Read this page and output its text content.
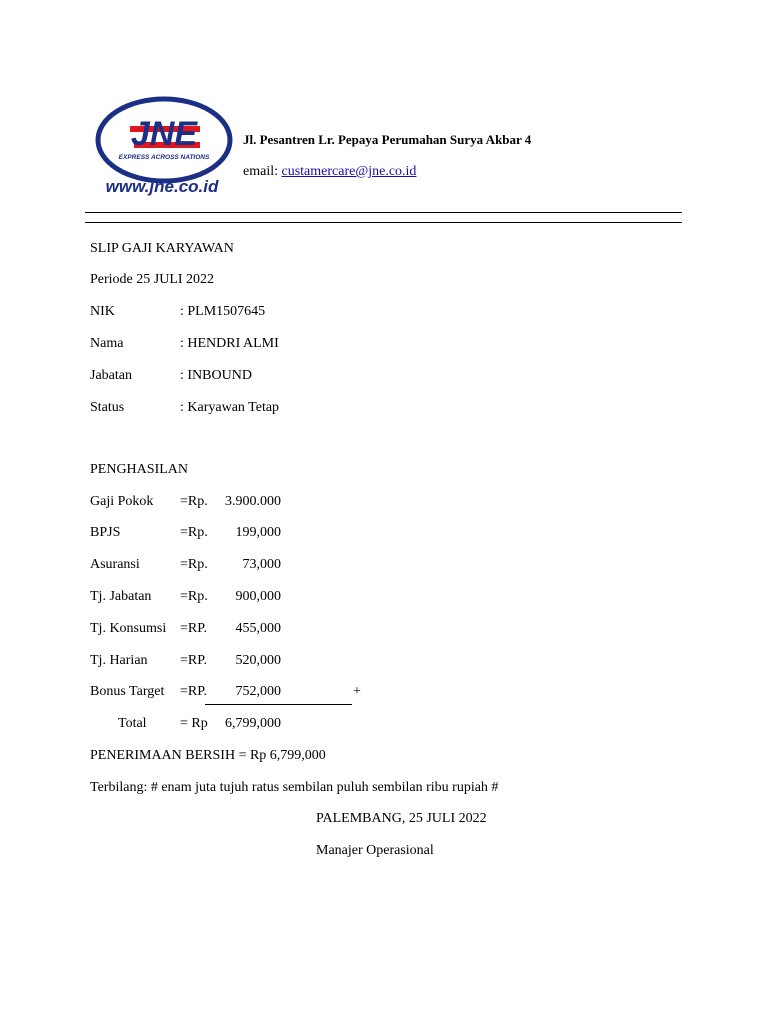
JNE
EXPRESS ACROSS NATIONS
www.jne.co.id
Jl. Pesantren Lr. Pepaya Perumahan Surya Akbar 4
email: custamercare@jne.co.id
SLIP GAJI KARYAWAN
Periode 25 JULI 2022
NIK	: PLM1507645
Nama	: HENDRI ALMI
Jabatan	: INBOUND
Status	: Karyawan Tetap
PENGHASILAN
Gaji Pokok =Rp.	3.900.000
BPJS	=Rp.	199,000
Asuransi	=Rp.	73,000
Tj. Jabatan =Rp.	900,000
Tj. Konsumsi =RP.	455,000
Tj. Harian =RP.	520,000
Bonus Target =RP.	752,000	+
Total = Rp	6,799,000
PENERIMAAN BERSIH = Rp 6,799,000
Terbilang: # enam juta tujuh ratus sembilan puluh sembilan ribu rupiah #
PALEMBANG, 25 JULI 2022
Manajer Operasional
